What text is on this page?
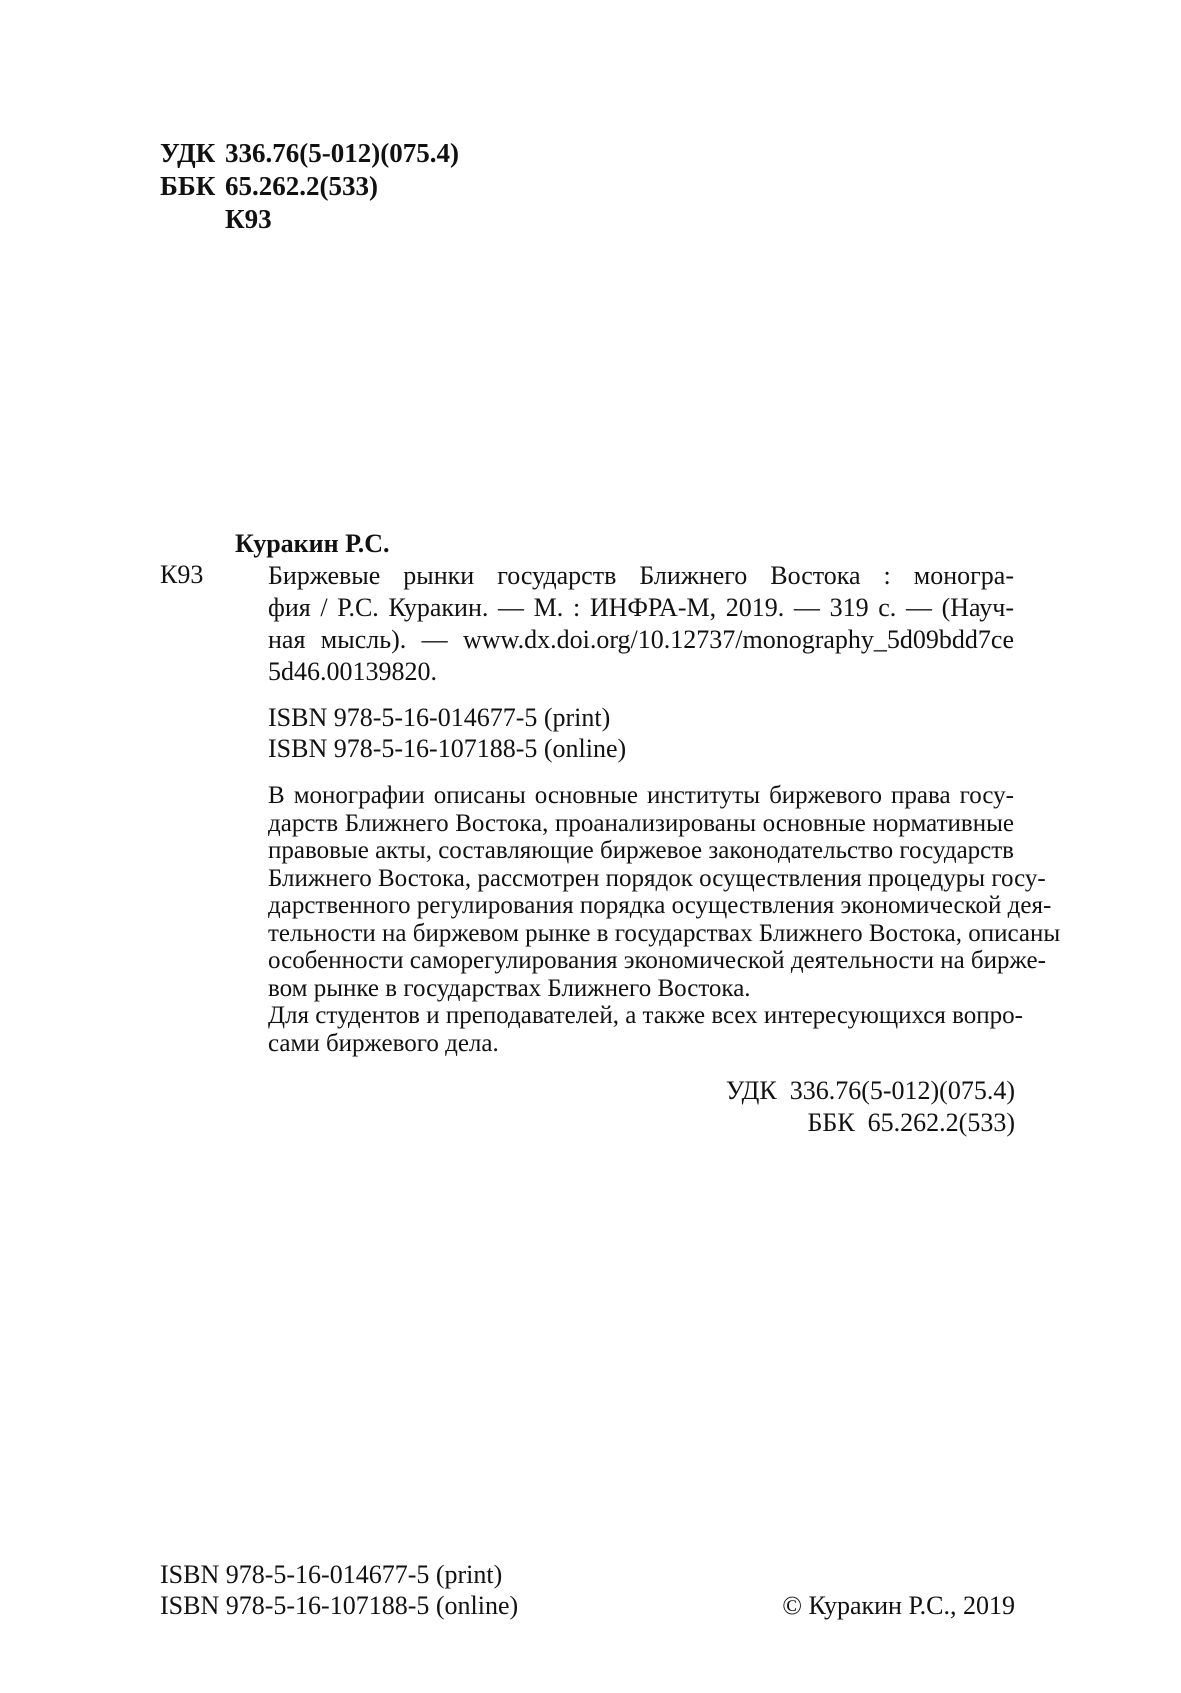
УДК 336.76(5-012)(075.4)
ББК 65.262.2(533)
К93
Куракин Р.С.
К93 Биржевые рынки государств Ближнего Востока : моногра-
фия / Р.С. Куракин. — М. : ИНФРА-М, 2019. — 319 с. — (Науч-
ная мысль). — www.dx.doi.org/10.12737/monography_5d09bdd7ce
5d46.00139820.
ISBN 978-5-16-014677-5 (print)
ISBN 978-5-16-107188-5 (online)
В монографии описаны основные институты биржевого права госу-
дарств Ближнего Востока, проанализированы основные нормативные
правовые акты, составляющие биржевое законодательство государств
Ближнего Востока, рассмотрен порядок осуществления процедуры госу-
дарственного регулирования порядка осуществления экономической дея-
тельности на биржевом рынке в государствах Ближнего Востока, описаны
особенности саморегулирования экономической деятельности на бирже-
вом рынке в государствах Ближнего Востока.
Для студентов и преподавателей, а также всех интересующихся вопро-
сами биржевого дела.
УДК  336.76(5-012)(075.4)
ББК  65.262.2(533)
ISBN 978-5-16-014677-5 (print)
ISBN 978-5-16-107188-5 (online)	© Куракин Р.С., 2019
